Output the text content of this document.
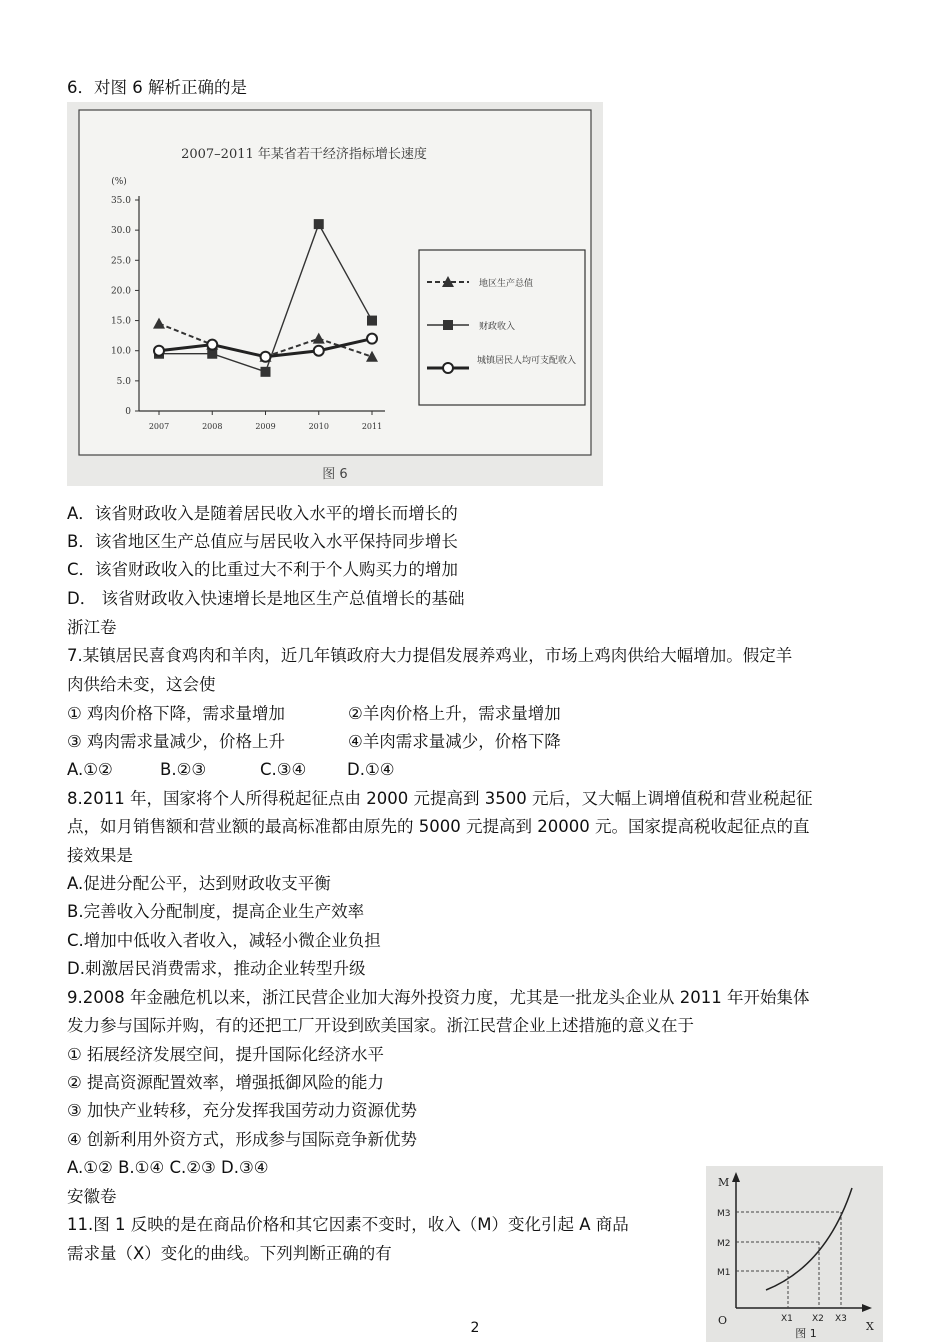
6．对图 6 解析正确的是
2007–2011 年某省若干经济指标增长速度
(%)
0
5.0
10.0
15.0
20.0
25.0
30.0
35.0
2007	2008	2009	2010	2011
地区生产总值
财政收入
城镇居民人均可支配收入
图 6
A．该省财政收入是随着居民收入水平的增长而增长的
B．该省地区生产总值应与居民收入水平保持同步增长
C．该省财政收入的比重过大不利于个人购买力的增加
D． 该省财政收入快速增长是地区生产总值增长的基础
浙江卷
7.某镇居民喜食鸡肉和羊肉，近几年镇政府大力提倡发展养鸡业，市场上鸡肉供给大幅增加。假定羊
肉供给未变，这会使
① 鸡肉价格下降，需求量增加	②羊肉价格上升，需求量增加
③ 鸡肉需求量减少，价格上升	④羊肉需求量减少，价格下降
A.①②	B.②③	C.③④ D.①④
8.2011 年，国家将个人所得税起征点由 2000 元提高到 3500 元后，又大幅上调增值税和营业税起征
点，如月销售额和营业额的最高标准都由原先的 5000 元提高到 20000 元。国家提高税收起征点的直
接效果是
A.促进分配公平，达到财政收支平衡
B.完善收入分配制度，提高企业生产效率
C.增加中低收入者收入，减轻小微企业负担
D.刺激居民消费需求，推动企业转型升级
9.2008 年金融危机以来，浙江民营企业加大海外投资力度，尤其是一批龙头企业从 2011 年开始集体
发力参与国际并购，有的还把工厂开设到欧美国家。浙江民营企业上述措施的意义在于
① 拓展经济发展空间，提升国际化经济水平
② 提高资源配置效率，增强抵御风险的能力
③ 加快产业转移，充分发挥我国劳动力资源优势
④ 创新利用外资方式，形成参与国际竞争新优势
A.①② B.①④ C.②③ D.③④
安徽卷
11.图 1 反映的是在商品价格和其它因素不变时，收入（M）变化引起 A 商品
需求量（X）变化的曲线。下列判断正确的有
M
X
O
M1
M2
M3
X1 X2 X3
图 1
2
